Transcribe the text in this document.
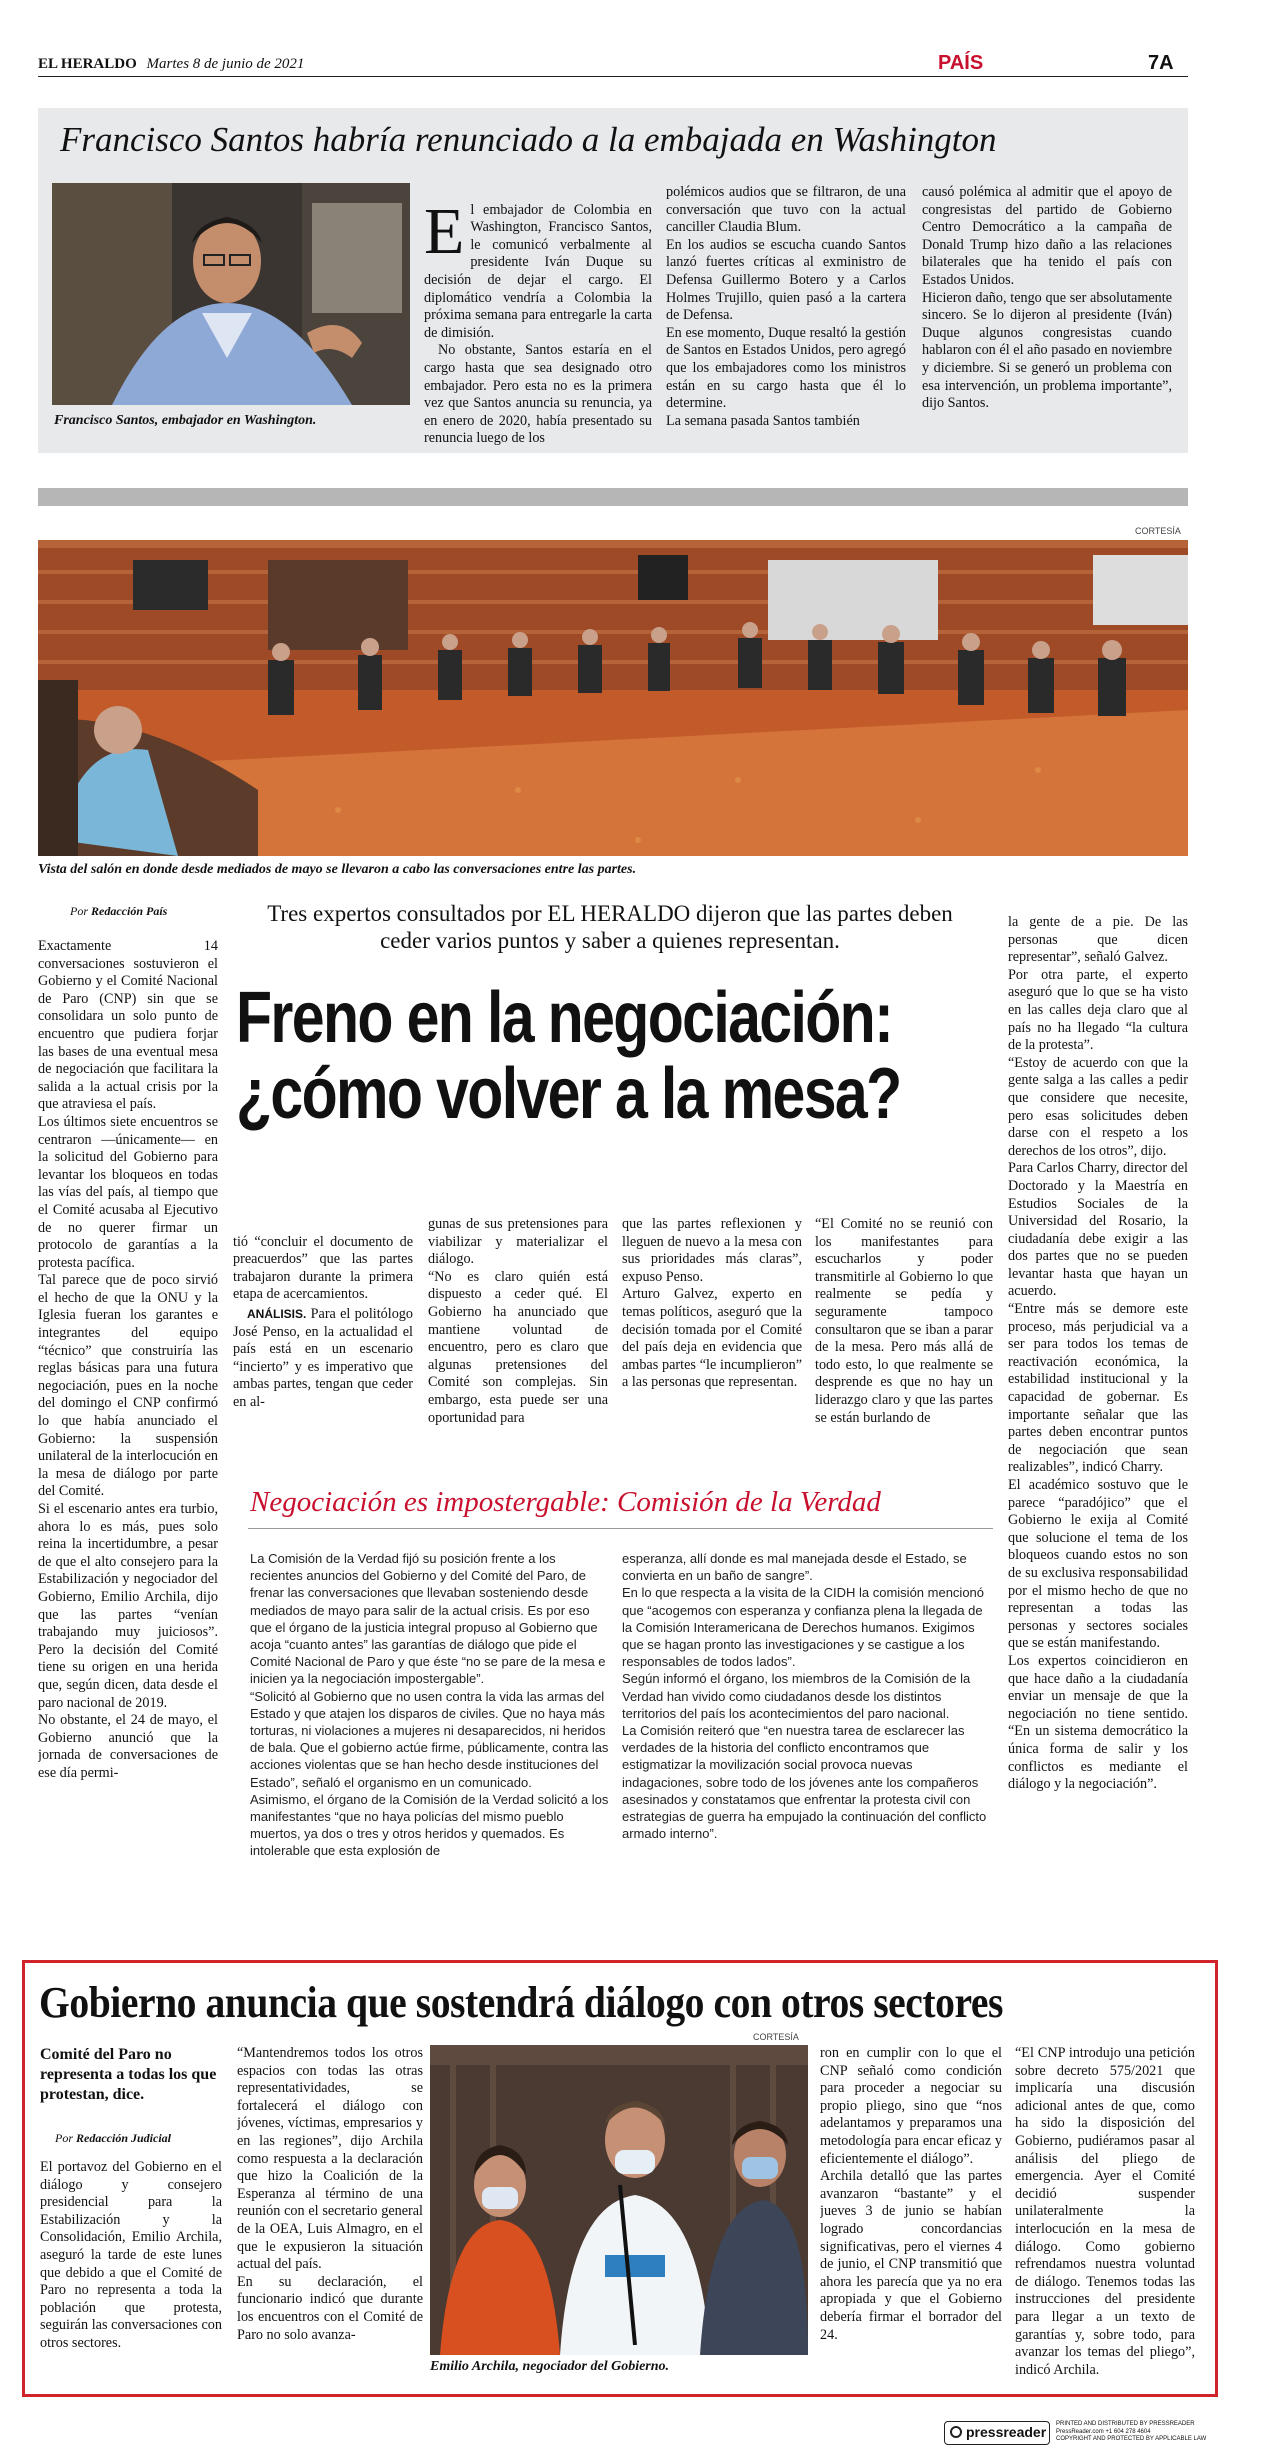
EL HERALDO Martes 8 de junio de 2021	PAÍS	7A
Francisco Santos habría renunciado a la embajada en Washington
Francisco Santos, embajador en Washington.

El embajador de Colombia en Washington, Francisco Santos, le comunicó verbalmente al presidente Iván Duque su decisión de dejar el cargo. El diplomático vendría a Colombia la próxima semana para entregarle la carta de dimisión.

No obstante, Santos estaría en el cargo hasta que sea designado otro embajador. Pero esta no es la primera vez que Santos anuncia su renuncia, ya en enero de 2020, había presentado su renuncia luego de los

polémicos audios que se filtraron, de una conversación que tuvo con la actual canciller Claudia Blum.
En los audios se escucha cuando Santos lanzó fuertes críticas al exministro de Defensa Guillermo Botero y a Carlos Holmes Trujillo, quien pasó a la cartera de Defensa.
En ese momento, Duque resaltó la gestión de Santos en Estados Unidos, pero agregó que los embajadores como los ministros están en su cargo hasta que él lo determine.
La semana pasada Santos también
causó polémica al admitir que el apoyo de congresistas del partido de Gobierno Centro Democrático a la campaña de Donald Trump hizo daño a las relaciones bilaterales que ha tenido el país con Estados Unidos.
Hicieron daño, tengo que ser absolutamente sincero. Se lo dijeron al presidente (Iván) Duque algunos congresistas cuando hablaron con él el año pasado en noviembre y diciembre. Si se generó un problema con esa intervención, un problema importante”, dijo Santos.
CORTESÍA
Vista del salón en donde desde mediados de mayo se llevaron a cabo las conversaciones entre las partes.
Por Redacción País
Exactamente 14 conversaciones sostuvieron el Gobierno y el Comité Nacional de Paro (CNP) sin que se consolidara un solo punto de encuentro que pudiera forjar las bases de una eventual mesa de negociación que facilitara la salida a la actual crisis por la que atraviesa el país.
Los últimos siete encuentros se centraron —únicamente— en la solicitud del Gobierno para levantar los bloqueos en todas las vías del país, al tiempo que el Comité acusaba al Ejecutivo de no querer firmar un protocolo de garantías a la protesta pacífica.
Tal parece que de poco sirvió el hecho de que la ONU y la Iglesia fueran los garantes e integrantes del equipo “técnico” que construiría las reglas básicas para una futura negociación, pues en la noche del domingo el CNP confirmó lo que había anunciado el Gobierno: la suspensión unilateral de la interlocución en la mesa de diálogo por parte del Comité.
Si el escenario antes era turbio, ahora lo es más, pues solo reina la incertidumbre, a pesar de que el alto consejero para la Estabilización y negociador del Gobierno, Emilio Archila, dijo que las partes “venían trabajando muy juiciosos”. Pero la decisión del Comité tiene su origen en una herida que, según dicen, data desde el paro nacional de 2019.
No obstante, el 24 de mayo, el Gobierno anunció que la jornada de conversaciones de ese día permi-
Tres expertos consultados por EL HERALDO dijeron que las partes deben ceder varios puntos y saber a quienes representan.
Freno en la negociación:
¿cómo volver a la mesa?

tió “concluir el documento de preacuerdos” que las partes trabajaron durante la primera etapa de acercamientos.

ANÁLISIS. Para el politólogo José Penso, en la actualidad el país está en un escenario “incierto” y es imperativo que ambas partes, tengan que ceder en al-

gunas de sus pretensiones para viabilizar y materializar el diálogo.
“No es claro quién está dispuesto a ceder qué. El Gobierno ha anunciado que mantiene voluntad de encuentro, pero es claro que algunas pretensiones del Comité son complejas. Sin embargo, esta puede ser una oportunidad para
que las partes reflexionen y lleguen de nuevo a la mesa con sus prioridades más claras”, expuso Penso.
Arturo Galvez, experto en temas políticos, aseguró que la decisión tomada por el Comité del país deja en evidencia que ambas partes “le incumplieron” a las personas que representan.
“El Comité no se reunió con los manifestantes para escucharlos y poder transmitirle al Gobierno lo que realmente se pedía y seguramente tampoco consultaron que se iban a parar de la mesa. Pero más allá de todo esto, lo que realmente se desprende es que no hay un liderazgo claro y que las partes se están burlando de
la gente de a pie. De las personas que dicen representar”, señaló Galvez.
Por otra parte, el experto aseguró que lo que se ha visto en las calles deja claro que al país no ha llegado “la cultura de la protesta”.
“Estoy de acuerdo con que la gente salga a las calles a pedir que considere que necesite, pero esas solicitudes deben darse con el respeto a los derechos de los otros”, dijo.
Para Carlos Charry, director del Doctorado y la Maestría en Estudios Sociales de la Universidad del Rosario, la ciudadanía debe exigir a las dos partes que no se pueden levantar hasta que hayan un acuerdo.
“Entre más se demore este proceso, más perjudicial va a ser para todos los temas de reactivación económica, la estabilidad institucional y la capacidad de gobernar. Es importante señalar que las partes deben encontrar puntos de negociación que sean realizables”, indicó Charry.
El académico sostuvo que le parece “paradójico” que el Gobierno le exija al Comité que solucione el tema de los bloqueos cuando estos no son de su exclusiva responsabilidad por el mismo hecho de que no representan a todas las personas y sectores sociales que se están manifestando.
Los expertos coincidieron en que hace daño a la ciudadanía enviar un mensaje de que la negociación no tiene sentido. “En un sistema democrático la única forma de salir y los conflictos es mediante el diálogo y la negociación”.
Negociación es impostergable: Comisión de la Verdad
La Comisión de la Verdad fijó su posición frente a los recientes anuncios del Gobierno y del Comité del Paro, de frenar las conversaciones que llevaban sosteniendo desde mediados de mayo para salir de la actual crisis. Es por eso que el órgano de la justicia integral propuso al Gobierno que acoja “cuanto antes” las garantías de diálogo que pide el Comité Nacional de Paro y que éste “no se pare de la mesa e inicien ya la negociación impostergable”.
“Solicitó al Gobierno que no usen contra la vida las armas del Estado y que atajen los disparos de civiles. Que no haya más torturas, ni violaciones a mujeres ni desaparecidos, ni heridos de bala. Que el gobierno actúe firme, públicamente, contra las acciones violentas que se han hecho desde instituciones del Estado”, señaló el organismo en un comunicado.
Asimismo, el órgano de la Comisión de la Verdad solicitó a los manifestantes “que no haya policías del mismo pueblo muertos, ya dos o tres y otros heridos y quemados. Es intolerable que esta explosión de
esperanza, allí donde es mal manejada desde el Estado, se convierta en un baño de sangre”.
En lo que respecta a la visita de la CIDH la comisión mencionó que “acogemos con esperanza y confianza plena la llegada de la Comisión Interamericana de Derechos humanos. Exigimos que se hagan pronto las investigaciones y se castigue a los responsables de todos lados”.
Según informó el órgano, los miembros de la Comisión de la Verdad han vivido como ciudadanos desde los distintos territorios del país los acontecimientos del paro nacional.
La Comisión reiteró que “en nuestra tarea de esclarecer las verdades de la historia del conflicto encontramos que estigmatizar la movilización social provoca nuevas indagaciones, sobre todo de los jóvenes ante los compañeros asesinados y constatamos que enfrentar la protesta civil con estrategias de guerra ha empujado la continuación del conflicto armado interno”.
Gobierno anuncia que sostendrá diálogo con otros sectores
CORTESÍA
Comité del Paro no representa a todas los que protestan, dice.
Por Redacción Judicial
El portavoz del Gobierno en el diálogo y consejero presidencial para la Estabilización y la Consolidación, Emilio Archila, aseguró la tarde de este lunes que debido a que el Comité de Paro no representa a toda la población que protesta, seguirán las conversaciones con otros sectores.
“Mantendremos todos los otros espacios con todas las otras representatividades, se fortalecerá el diálogo con jóvenes, víctimas, empresarios y en las regiones”, dijo Archila como respuesta a la declaración que hizo la Coalición de la Esperanza al término de una reunión con el secretario general de la OEA, Luis Almagro, en el que le expusieron la situación actual del país.
En su declaración, el funcionario indicó que durante los encuentros con el Comité de Paro no solo avanza-
Emilio Archila, negociador del Gobierno.
ron en cumplir con lo que el CNP señaló como condición para proceder a negociar su propio pliego, sino que “nos adelantamos y preparamos una metodología para encar eficaz y eficientemente el diálogo”.
Archila detalló que las partes avanzaron “bastante” y el jueves 3 de junio se habían logrado concordancias significativas, pero el viernes 4 de junio, el CNP transmitió que ahora les parecía que ya no era apropiada y que el Gobierno debería firmar el borrador del 24.
“El CNP introdujo una petición sobre decreto 575/2021 que implicaría una discusión adicional antes de que, como ha sido la disposición del Gobierno, pudiéramos pasar al análisis del pliego de emergencia. Ayer el Comité decidió suspender unilateralmente la interlocución en la mesa de diálogo. Como gobierno refrendamos nuestra voluntad de diálogo. Tenemos todas las instrucciones del presidente para llegar a un texto de garantías y, sobre todo, para avanzar los temas del pliego”, indicó Archila.
pressreader PRINTED AND DISTRIBUTED BY PRESSREADER
PressReader.com +1 604 278 4604
COPYRIGHT AND PROTECTED BY APPLICABLE LAW
